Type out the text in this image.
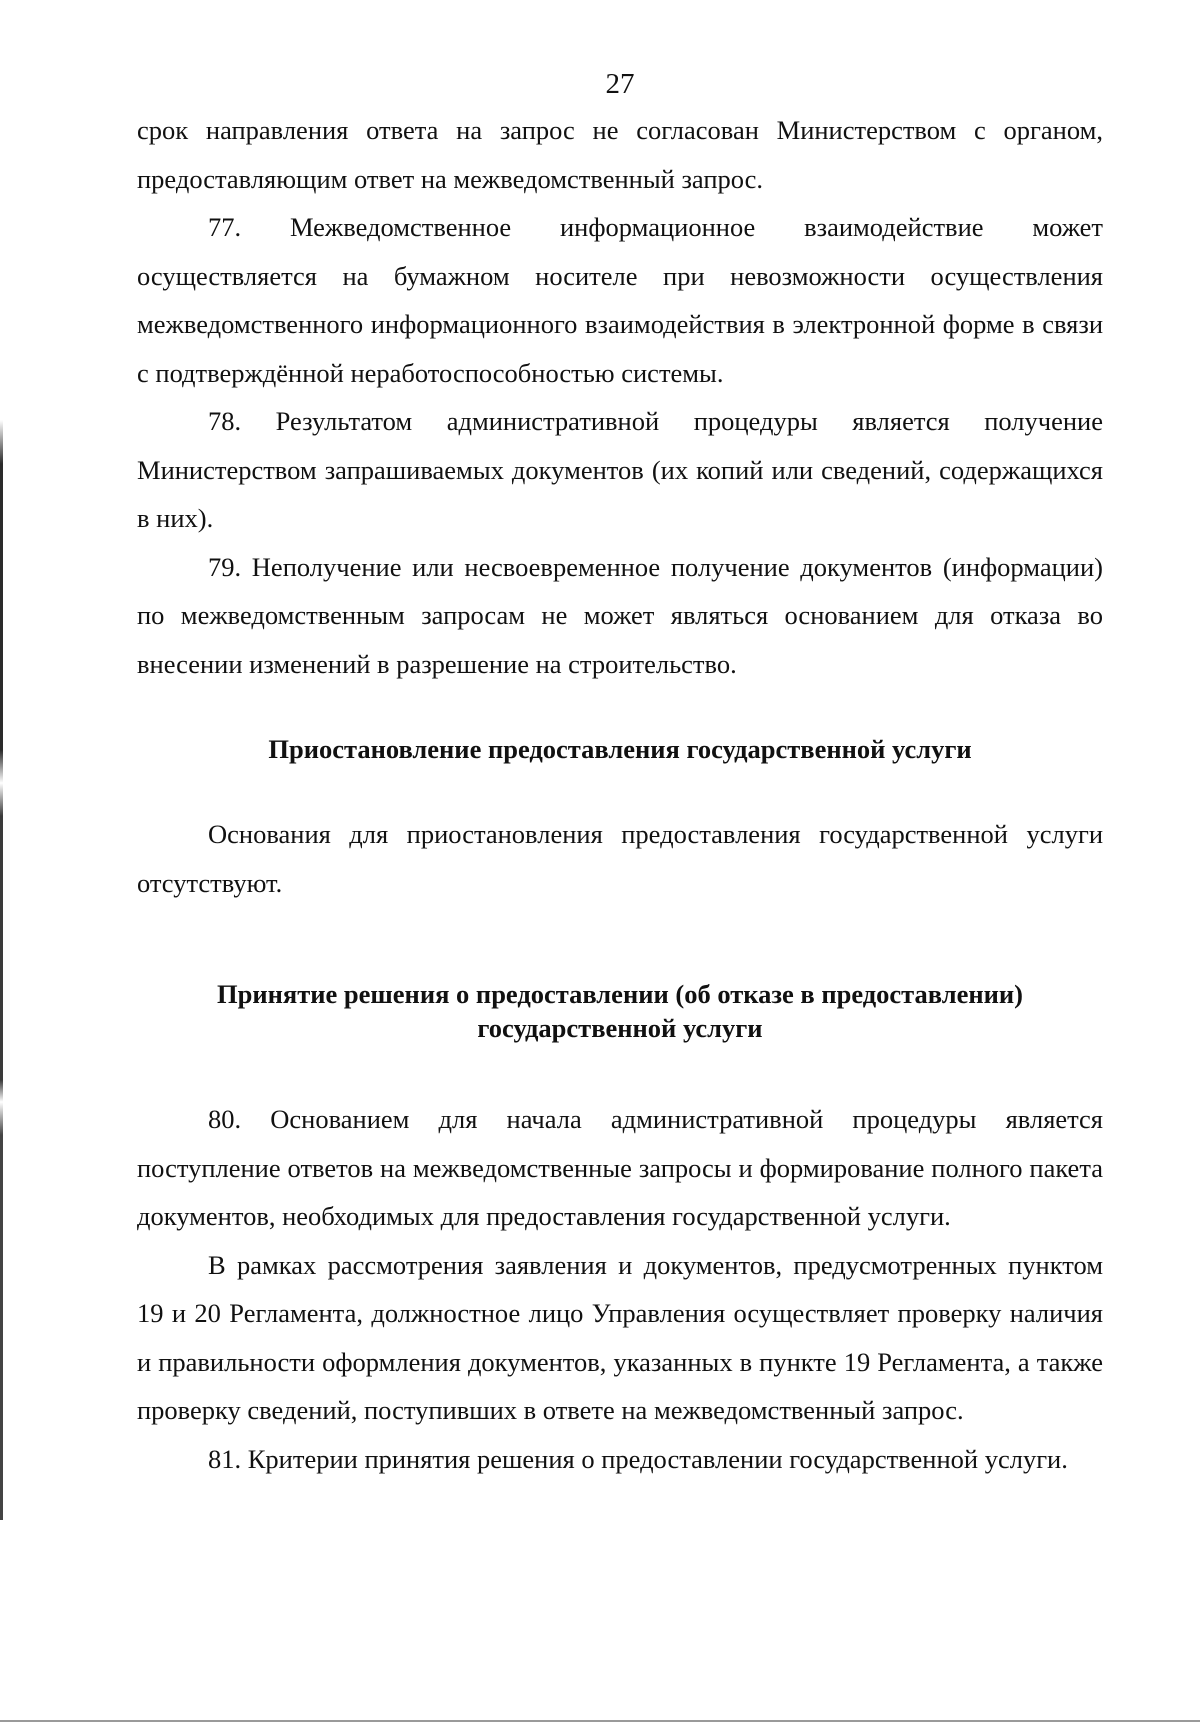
27

срок направления ответа на запрос не согласован Министерством с органом, предоставляющим ответ на межведомственный запрос.

77. Межведомственное информационное взаимодействие может осуществляется на бумажном носителе при невозможности осуществления межведомственного информационного взаимодействия в электронной форме в связи с подтверждённой неработоспособностью системы.

78. Результатом административной процедуры является получение Министерством запрашиваемых документов (их копий или сведений, содержащихся в них).

79. Неполучение или несвоевременное получение документов (информации) по межведомственным запросам не может являться основанием для отказа во внесении изменений в разрешение на строительство.

Приостановление предоставления государственной услуги

Основания для приостановления предоставления государственной услуги отсутствуют.

Принятие решения о предоставлении (об отказе в предоставлении)
государственной услуги

80. Основанием для начала административной процедуры является поступление ответов на межведомственные запросы и формирование полного пакета документов, необходимых для предоставления государственной услуги.

В рамках рассмотрения заявления и документов, предусмотренных пунктом 19 и 20 Регламента, должностное лицо Управления осуществляет проверку наличия и правильности оформления документов, указанных в пункте 19 Регламента, а также проверку сведений, поступивших в ответе на межведомственный запрос.

81. Критерии принятия решения о предоставлении государственной услуги.
